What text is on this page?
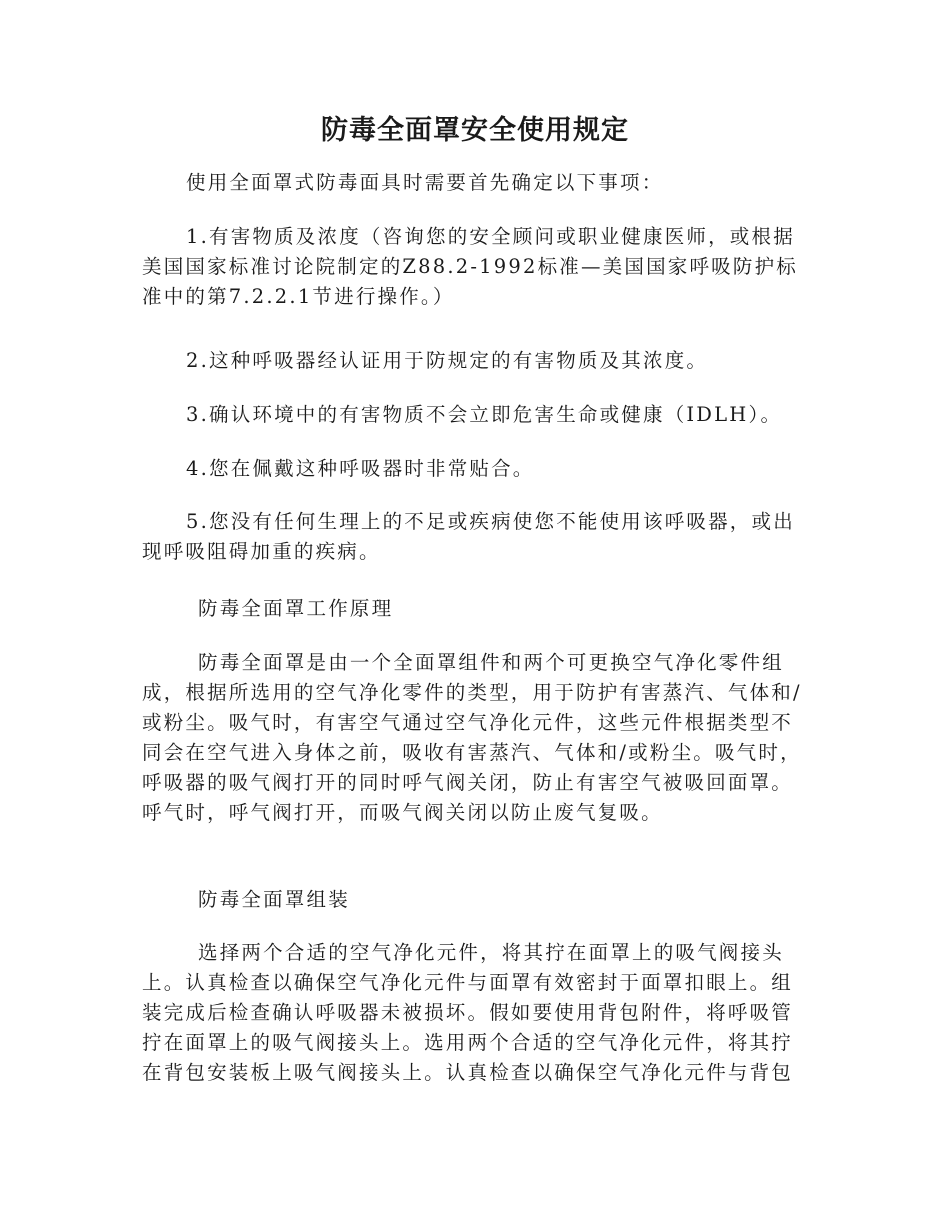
防毒全面罩安全使用规定

使用全面罩式防毒面具时需要首先确定以下事项：

1.有害物质及浓度（咨询您的安全顾问或职业健康医师，或根据美国国家标准讨论院制定的Z88.2-1992标准—美国国家呼吸防护标准中的第7.2.2.1节进行操作。）

2.这种呼吸器经认证用于防规定的有害物质及其浓度。

3.确认环境中的有害物质不会立即危害生命或健康（IDLH）。

4.您在佩戴这种呼吸器时非常贴合。

5.您没有任何生理上的不足或疾病使您不能使用该呼吸器，或出现呼吸阻碍加重的疾病。

防毒全面罩工作原理

防毒全面罩是由一个全面罩组件和两个可更换空气净化零件组成，根据所选用的空气净化零件的类型，用于防护有害蒸汽、气体和/或粉尘。吸气时，有害空气通过空气净化元件，这些元件根据类型不同会在空气进入身体之前，吸收有害蒸汽、气体和/或粉尘。吸气时，呼吸器的吸气阀打开的同时呼气阀关闭，防止有害空气被吸回面罩。呼气时，呼气阀打开，而吸气阀关闭以防止废气复吸。

防毒全面罩组装

选择两个合适的空气净化元件，将其拧在面罩上的吸气阀接头上。认真检查以确保空气净化元件与面罩有效密封于面罩扣眼上。组装完成后检查确认呼吸器未被损坏。假如要使用背包附件，将呼吸管拧在面罩上的吸气阀接头上。选用两个合适的空气净化元件，将其拧在背包安装板上吸气阀接头上。认真检查以确保空气净化元件与背包
